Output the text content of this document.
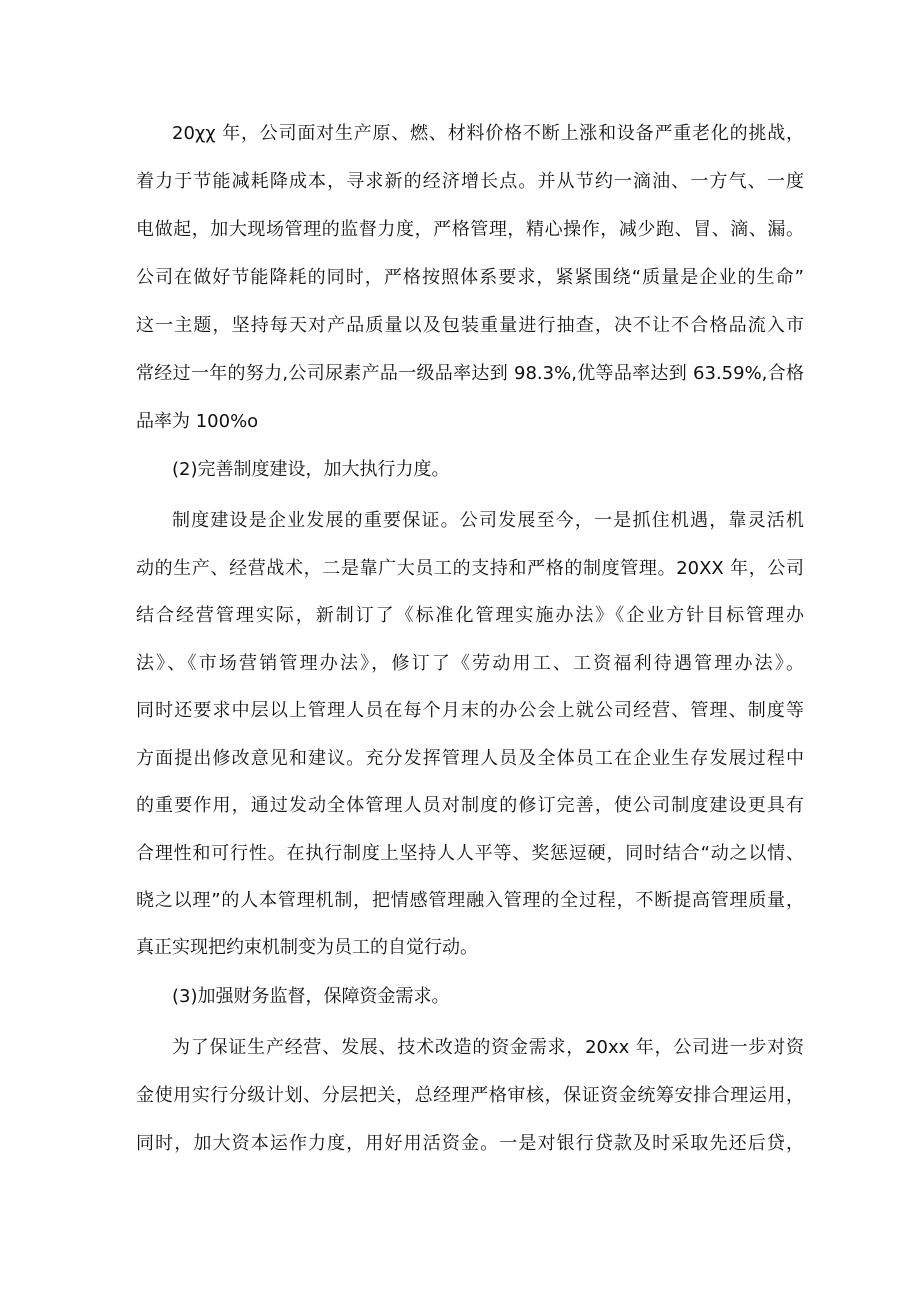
20χχ 年，公司面对生产原、燃、材料价格不断上涨和设备严重老化的挑战，
着力于节能减耗降成本，寻求新的经济增长点。并从节约一滴油、一方气、一度
电做起，加大现场管理的监督力度，严格管理，精心操作，减少跑、冒、滴、漏。
公司在做好节能降耗的同时，严格按照体系要求，紧紧围绕“质量是企业的生命”
这一主题，坚持每天对产品质量以及包装重量进行抽查，决不让不合格品流入市
常经过一年的努力,公司尿素产品一级品率达到 98.3%,优等品率达到 63.59%,合格
品率为 100%o
(2)完善制度建设，加大执行力度。
制度建设是企业发展的重要保证。公司发展至今，一是抓住机遇，靠灵活机
动的生产、经营战术，二是靠广大员工的支持和严格的制度管理。20XX 年，公司
结合经营管理实际，新制订了《标准化管理实施办法》《企业方针目标管理办
法》、《市场营销管理办法》，修订了《劳动用工、工资福利待遇管理办法》。
同时还要求中层以上管理人员在每个月末的办公会上就公司经营、管理、制度等
方面提出修改意见和建议。充分发挥管理人员及全体员工在企业生存发展过程中
的重要作用，通过发动全体管理人员对制度的修订完善，使公司制度建设更具有
合理性和可行性。在执行制度上坚持人人平等、奖惩逗硬，同时结合“动之以情、
晓之以理”的人本管理机制，把情感管理融入管理的全过程，不断提高管理质量，
真正实现把约束机制变为员工的自觉行动。
(3)加强财务监督，保障资金需求。
为了保证生产经营、发展、技术改造的资金需求，20xx 年，公司进一步对资
金使用实行分级计划、分层把关，总经理严格审核，保证资金统筹安排合理运用，
同时，加大资本运作力度，用好用活资金。一是对银行贷款及时采取先还后贷，
